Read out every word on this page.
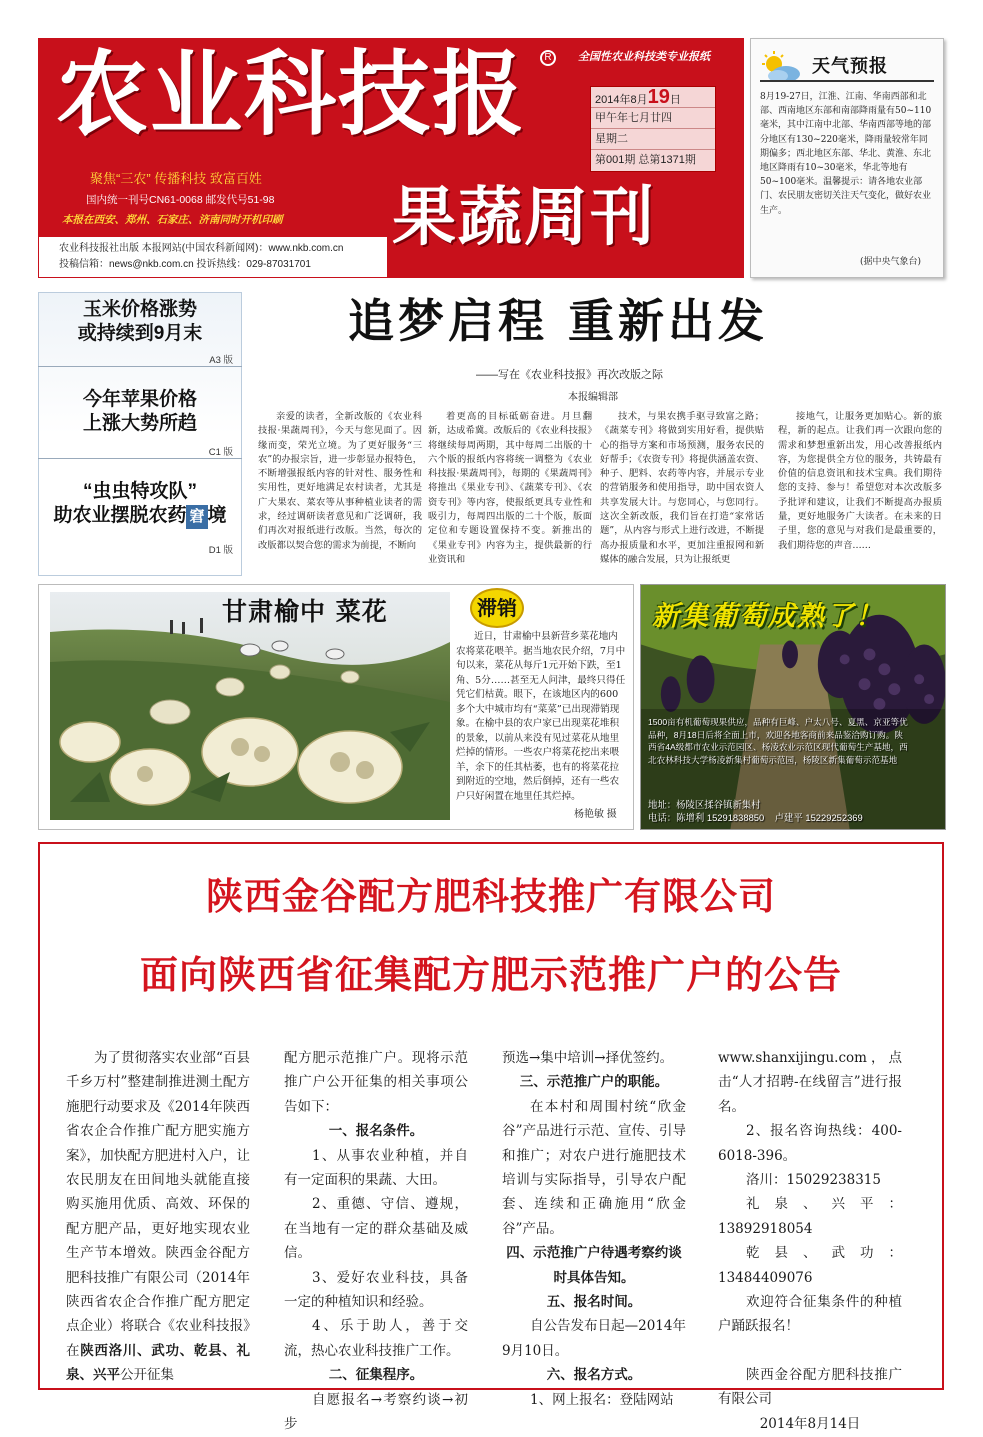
农业科技报	R	全国性农业科技类专业报纸
2014年8月19日
甲午年七月廿四
星期二
第001期 总第1371期
聚焦“三农” 传播科技 致富百姓
国内统一刊号CN61-0068 邮发代号51-98
本报在西安、郑州、石家庄、济南同时开机印刷 果蔬周刊
农业科技报社出版 本报网站(中国农科新闻网)：www.nkb.com.cn
投稿信箱：news@nkb.com.cn 投诉热线：029-87031701
天气预报
8月19-27日，江淮、江南、华南西部和北部、西南地区东部和南部降雨量有50~110毫米，其中江南中北部、华南西部等地的部分地区有130~220毫米，降雨量较常年同期偏多；西北地区东部、华北、黄淮、东北地区降雨有10~30毫米，华北等地有50~100毫米。温馨提示：请各地农业部门、农民朋友密切关注天气变化，做好农业生产。
(据中央气象台)
玉米价格涨势
或持续到9月末
A3 版
今年苹果价格
上涨大势所趋
C1 版
“虫虫特攻队”
助农业摆脱农药 窘 境
D1 版
追梦启程 重新出发
——写在《农业科技报》再次改版之际
本报编辑部
亲爱的读者，全新改版的《农业科技报·果蔬周刊》，今天与您见面了。因缘而变，荣光立境。为了更好服务“三农”的办报宗旨，进一步彰显办报特色，不断增强报纸内容的针对性、服务性和实用性，更好地满足农村读者，尤其是广大果农、菜农等从事种植业读者的需求，经过调研读者意见和广泛调研，我们再次对报纸进行改版。当然，每次的改版都以契合您的需求为前提，不断向
着更高的目标砥砺奋进。月旦翻新，达成希冀。改版后的《农业科技报》将继续每周两期，其中每周二出版的十六个版的报纸内容将统一调整为《农业科技报·果蔬周刊》，每期的《果蔬周刊》将推出《果业专刊》、《蔬菜专刊》、《农资专刊》等内容，使报纸更具专业性和吸引力，每周四出版的二十个版，版面定位和专题设置保持不变。新推出的《果业专刊》内容为主，提供最新的行业资讯和
技术，与果农携手驱寻致富之路；《蔬菜专刊》将做到实用好看，提供贴心的指导方案和市场预测，服务农民的好帮手；《农资专刊》将提供涵盖农资、种子、肥料、农药等内容，并展示专业的营销服务和使用指导，助中国农资人共享发展大计。与您同心，与您同行。这次全新改版，我们旨在打造“家常话题”，从内容与形式上进行改进，不断提高办报质量和水平，更加注重报网和新媒体的融合发展，只为让报纸更
接地气，让服务更加贴心。新的旅程，新的起点。让我们再一次跟向您的需求和梦想重新出发，用心改善报纸内容，为您提供全方位的服务，共铸最有价值的信息资讯和技术宝典。我们期待您的支持、参与！希望您对本次改版多予批评和建议，让我们不断提高办报质量，更好地服务广大读者。在未来的日子里，您的意见与对我们是最重要的，我们期待您的声音……
甘肃榆中 菜花	滞销
近日，甘肃榆中县新营乡菜花地内农将菜花喂羊。据当地农民介绍，7月中旬以来，菜花从每斤1元开始下跌，至1角、5分……甚至无人问津，最终只得任凭它们枯黄。眼下，在该地区内的600多个大中城市均有“菜菜”已出现滞销现象。在榆中县的农户家已出现菜花堆积的景象，以前从来没有见过菜花从地里烂掉的情形。一些农户将菜花挖出来喂羊，余下的任其枯萎，也有的将菜花拉到附近的空地，然后倒掉，还有一些农户只好闲置在地里任其烂掉。
杨艳敏 摄
新集葡萄成熟了！
1500亩有机葡萄现果供应，品种有巨峰、户太八号、夏黑、京亚等优品种，8月18日后将全面上市，欢迎各地客商前来品鉴洽购订购。陕西省4A级都市农业示范园区、杨凌农业示范区现代葡萄生产基地，西北农林科技大学杨凌新集村葡萄示范园，杨陵区新集葡萄示范基地
地址：杨陵区揉谷镇新集村
电话：陈增利 15291838850 卢建平 15229252369
陕西金谷配方肥科技推广有限公司
面向陕西省征集配方肥示范推广户的公告

为了贯彻落实农业部“百县千乡万村”整建制推进测土配方施肥行动要求及《2014年陕西省农企合作推广配方肥实施方案》，加快配方肥进村入户，让农民朋友在田间地头就能直接购买施用优质、高效、环保的配方肥产品，更好地实现农业生产节本增效。陕西金谷配方肥科技推广有限公司（2014年陕西省农企合作推广配方肥定点企业）将联合《农业科技报》在陕西洛川、武功、乾县、礼泉、兴平公开征集

配方肥示范推广户。现将示范推广户公开征集的相关事项公告如下：

一、报名条件。

1、从事农业种植，并自有一定面积的果蔬、大田。

2、重德、守信、遵规，在当地有一定的群众基础及威信。

3、爱好农业科技，具备一定的种植知识和经验。

4、乐于助人，善于交流，热心农业科技推广工作。

二、征集程序。

自愿报名→考察约谈→初步

预选→集中培训→择优签约。

三、示范推广户的职能。

在本村和周围村统“欣金谷”产品进行示范、宣传、引导和推广；对农户进行施肥技术培训与实际指导，引导农户配套、连续和正确施用“欣金谷”产品。

四、示范推广户待遇考察约谈时具体告知。

五、报名时间。

自公告发布日起—2014年9月10日。

六、报名方式。

1、网上报名：登陆网站

www.shanxijingu.com，点击“人才招聘-在线留言”进行报名。

2、报名咨询热线：400-6018-396。

洛川：15029238315

礼泉、兴平：13892918054

乾县、武功：13484409076

欢迎符合征集条件的种植户踊跃报名！

陕西金谷配方肥科技推广有限公司

2014年8月14日
